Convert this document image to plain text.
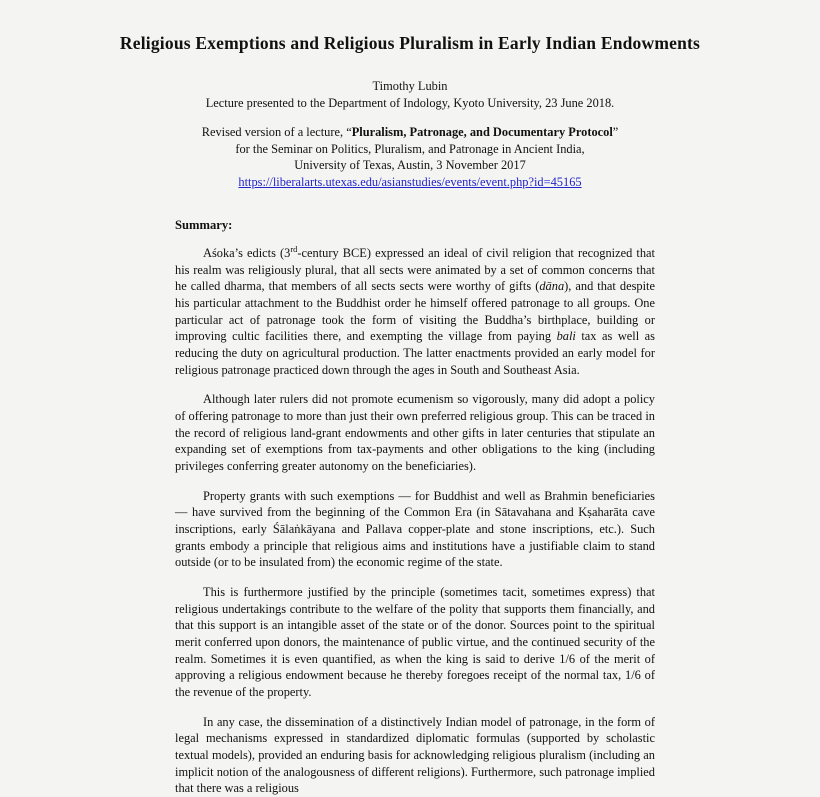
Religious Exemptions and Religious Pluralism in Early Indian Endowments
Timothy Lubin
Lecture presented to the Department of Indology, Kyoto University, 23 June 2018.
Revised version of a lecture, “Pluralism, Patronage, and Documentary Protocol”
for the Seminar on Politics, Pluralism, and Patronage in Ancient India,
University of Texas, Austin, 3 November 2017
https://liberalarts.utexas.edu/asianstudies/events/event.php?id=45165
Summary:

Aśoka’s edicts (3rd-century BCE) expressed an ideal of civil religion that recognized that his realm was religiously plural, that all sects were animated by a set of common concerns that he called dharma, that members of all sects sects were worthy of gifts (dāna), and that despite his particular attachment to the Buddhist order he himself offered patronage to all groups. One particular act of patronage took the form of visiting the Buddha’s birthplace, building or improving cultic facilities there, and exempting the village from paying bali tax as well as reducing the duty on agricultural production. The latter enactments provided an early model for religious patronage practiced down through the ages in South and Southeast Asia.

Although later rulers did not promote ecumenism so vigorously, many did adopt a policy of offering patronage to more than just their own preferred religious group. This can be traced in the record of religious land-grant endowments and other gifts in later centuries that stipulate an expanding set of exemptions from tax-payments and other obligations to the king (including privileges conferring greater autonomy on the beneficiaries).

Property grants with such exemptions — for Buddhist and well as Brahmin beneficiaries — have survived from the beginning of the Common Era (in Sātavahana and Kṣaharāta cave inscriptions, early Śālaṅkāyana and Pallava copper-plate and stone inscriptions, etc.). Such grants embody a principle that religious aims and institutions have a justifiable claim to stand outside (or to be insulated from) the economic regime of the state.

This is furthermore justified by the principle (sometimes tacit, sometimes express) that religious undertakings contribute to the welfare of the polity that supports them financially, and that this support is an intangible asset of the state or of the donor. Sources point to the spiritual merit conferred upon donors, the maintenance of public virtue, and the continued security of the realm. Sometimes it is even quantified, as when the king is said to derive 1/6 of the merit of approving a religious endowment because he thereby foregoes receipt of the normal tax, 1/6 of the revenue of the property.

In any case, the dissemination of a distinctively Indian model of patronage, in the form of legal mechanisms expressed in standardized diplomatic formulas (supported by scholastic textual models), provided an enduring basis for acknowledging religious pluralism (including an implicit notion of the analogousness of different religions). Furthermore, such patronage implied that there was a religious
